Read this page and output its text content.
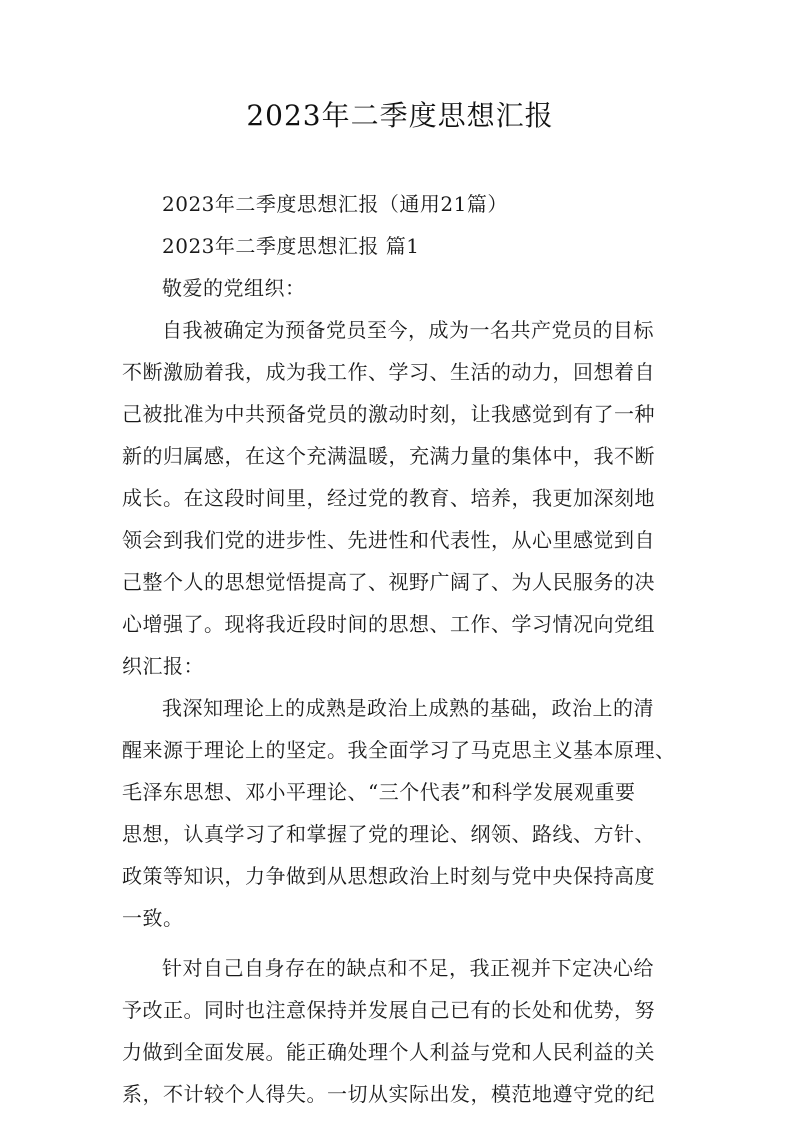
2023年二季度思想汇报

2023年二季度思想汇报（通用21篇）

2023年二季度思想汇报 篇1

敬爱的党组织：

自我被确定为预备党员至今，成为一名共产党员的目标

不断激励着我，成为我工作、学习、生活的动力，回想着自

己被批准为中共预备党员的激动时刻，让我感觉到有了一种

新的归属感，在这个充满温暖，充满力量的集体中，我不断

成长。在这段时间里，经过党的教育、培养，我更加深刻地

领会到我们党的进步性、先进性和代表性，从心里感觉到自

己整个人的思想觉悟提高了、视野广阔了、为人民服务的决

心增强了。现将我近段时间的思想、工作、学习情况向党组

织汇报：

我深知理论上的成熟是政治上成熟的基础，政治上的清

醒来源于理论上的坚定。我全面学习了马克思主义基本原理、

毛泽东思想、邓小平理论、“三个代表”和科学发展观重要

思想，认真学习了和掌握了党的理论、纲领、路线、方针、

政策等知识，力争做到从思想政治上时刻与党中央保持高度

一致。

针对自己自身存在的缺点和不足，我正视并下定决心给

予改正。同时也注意保持并发展自己已有的长处和优势，努

力做到全面发展。能正确处理个人利益与党和人民利益的关

系，不计较个人得失。一切从实际出发，模范地遵守党的纪
